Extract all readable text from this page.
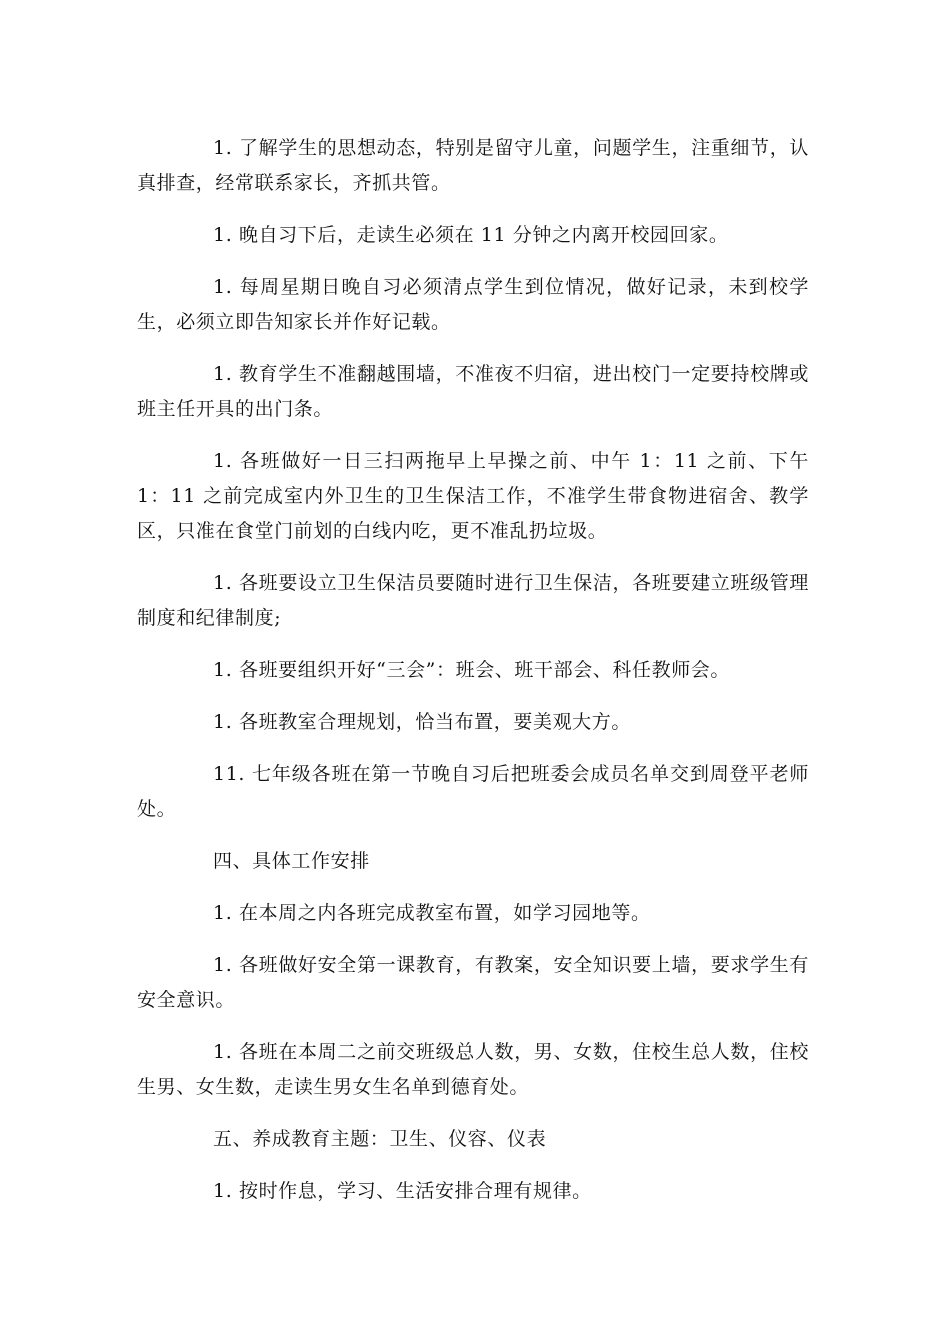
1. 了解学生的思想动态，特别是留守儿童，问题学生，注重细节，认真排查，经常联系家长，齐抓共管。

1. 晚自习下后，走读生必须在 11 分钟之内离开校园回家。

1. 每周星期日晚自习必须清点学生到位情况，做好记录，未到校学生，必须立即告知家长并作好记载。

1. 教育学生不准翻越围墙，不准夜不归宿，进出校门一定要持校牌或班主任开具的出门条。

1. 各班做好一日三扫两拖早上早操之前、中午 1：11 之前、下午 1：11 之前完成室内外卫生的卫生保洁工作，不准学生带食物进宿舍、教学区，只准在食堂门前划的白线内吃，更不准乱扔垃圾。

1. 各班要设立卫生保洁员要随时进行卫生保洁，各班要建立班级管理制度和纪律制度;

1. 各班要组织开好“三会”：班会、班干部会、科任教师会。

1. 各班教室合理规划，恰当布置，要美观大方。

11. 七年级各班在第一节晚自习后把班委会成员名单交到周登平老师处。

四、具体工作安排

1. 在本周之内各班完成教室布置，如学习园地等。

1. 各班做好安全第一课教育，有教案，安全知识要上墙，要求学生有安全意识。

1. 各班在本周二之前交班级总人数，男、女数，住校生总人数，住校生男、女生数，走读生男女生名单到德育处。

五、养成教育主题：卫生、仪容、仪表

1. 按时作息，学习、生活安排合理有规律。
